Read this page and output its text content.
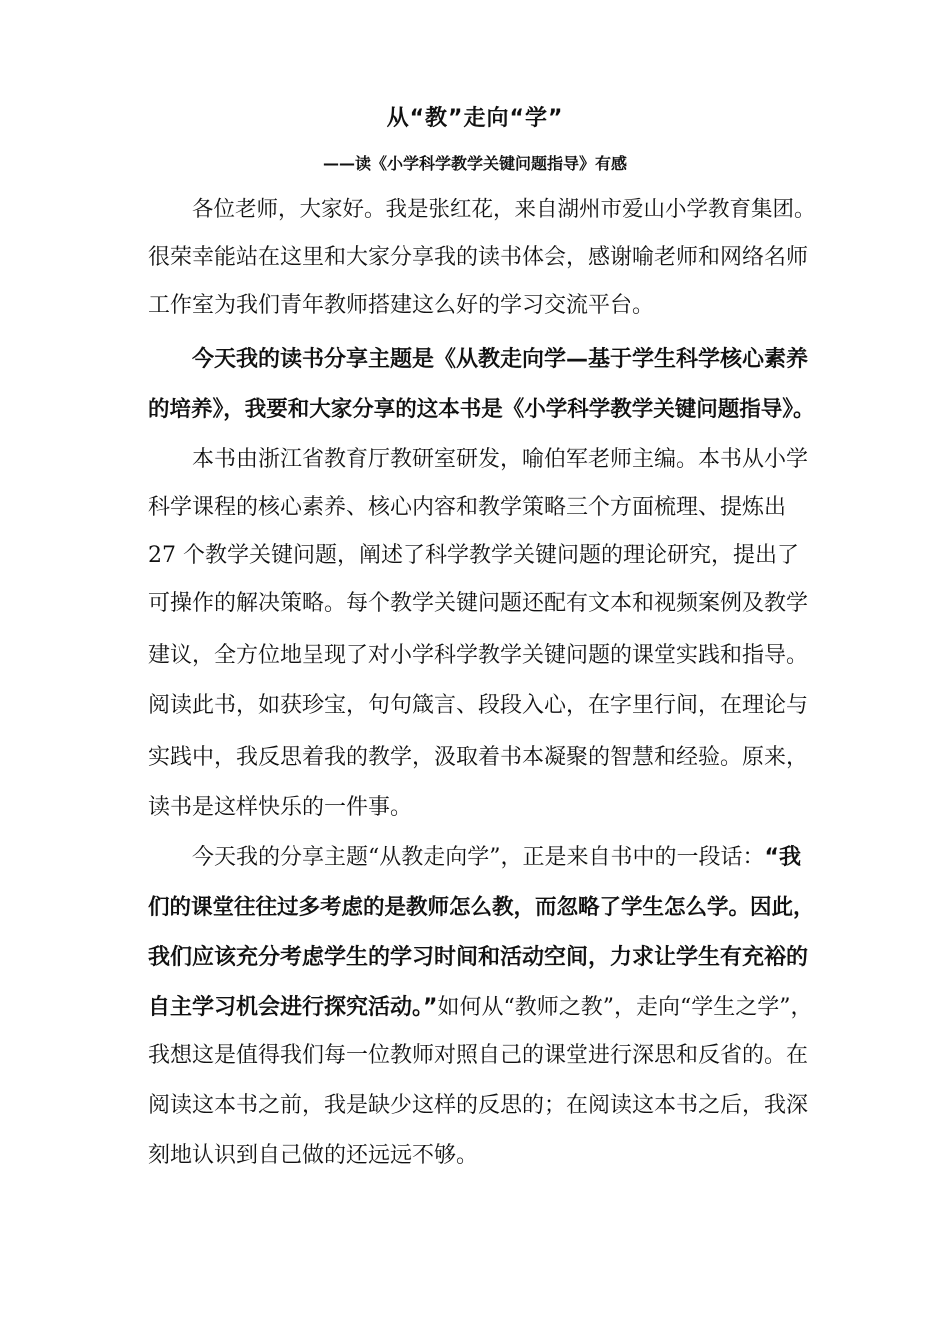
从“教”走向“学”
——读《小学科学教学关键问题指导》有感
各位老师，大家好。我是张红花，来自湖州市爱山小学教育集团。
很荣幸能站在这里和大家分享我的读书体会，感谢喻老师和网络名师
工作室为我们青年教师搭建这么好的学习交流平台。
今天我的读书分享主题是《从教走向学—基于学生科学核心素养
的培养》，我要和大家分享的这本书是《小学科学教学关键问题指导》。
本书由浙江省教育厅教研室研发，喻伯军老师主编。本书从小学
科学课程的核心素养、核心内容和教学策略三个方面梳理、提炼出
27 个教学关键问题，阐述了科学教学关键问题的理论研究，提出了
可操作的解决策略。每个教学关键问题还配有文本和视频案例及教学
建议，全方位地呈现了对小学科学教学关键问题的课堂实践和指导。
阅读此书，如获珍宝，句句箴言、段段入心，在字里行间，在理论与
实践中，我反思着我的教学，汲取着书本凝聚的智慧和经验。原来，
读书是这样快乐的一件事。
今天我的分享主题“从教走向学”，正是来自书中的一段话：“我
们的课堂往往过多考虑的是教师怎么教，而忽略了学生怎么学。因此，
我们应该充分考虑学生的学习时间和活动空间，力求让学生有充裕的
自主学习机会进行探究活动。”如何从“教师之教”，走向“学生之学”，
我想这是值得我们每一位教师对照自己的课堂进行深思和反省的。在
阅读这本书之前，我是缺少这样的反思的；在阅读这本书之后，我深
刻地认识到自己做的还远远不够。
